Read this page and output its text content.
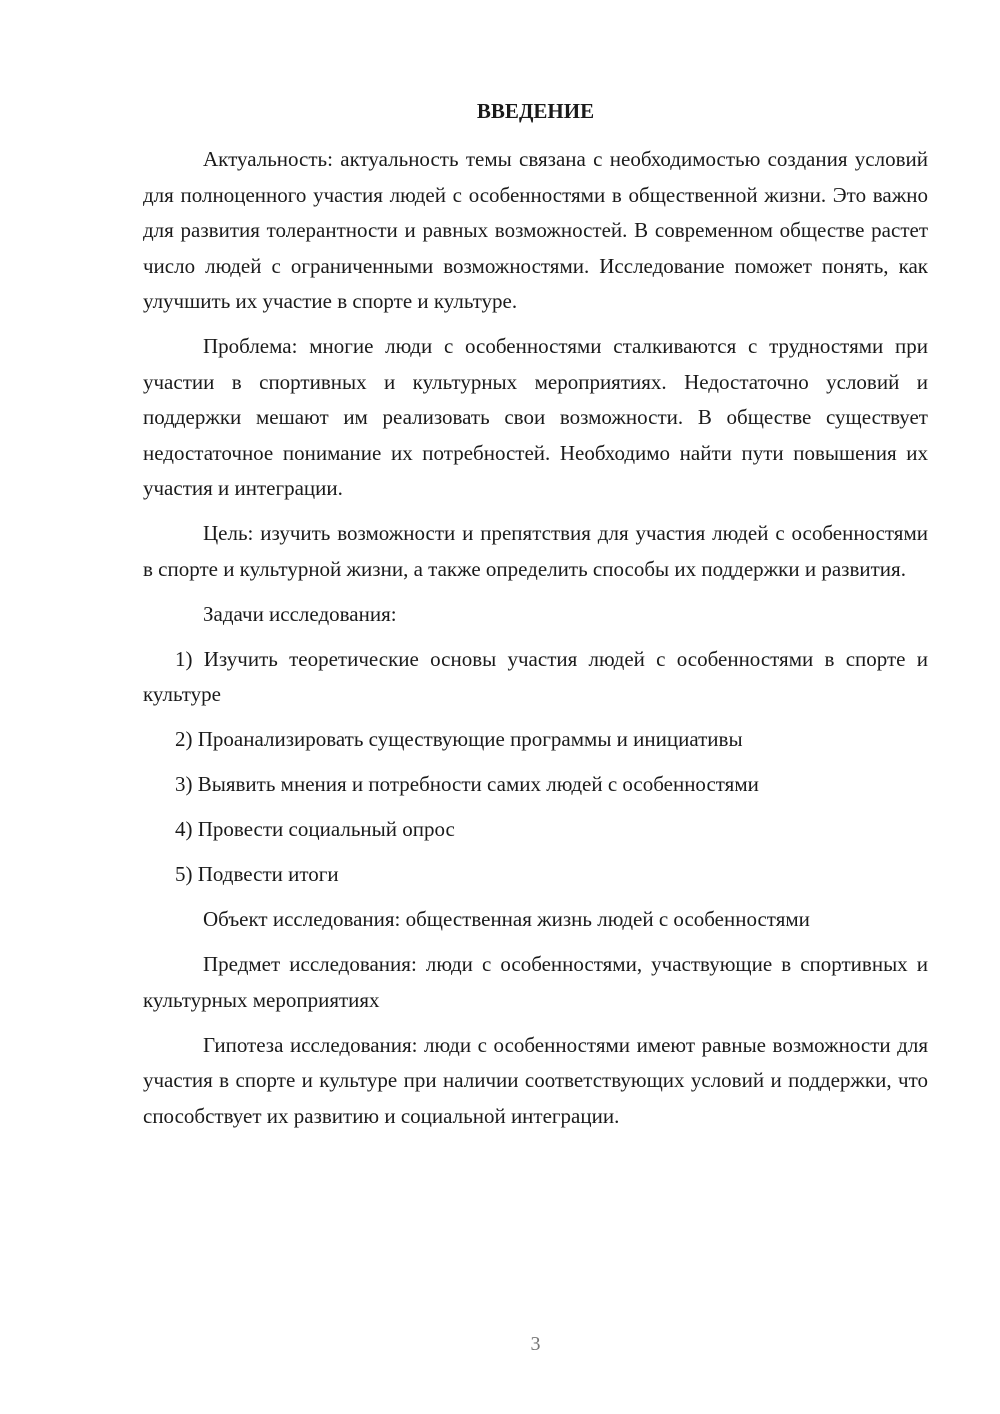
ВВЕДЕНИЕ

Актуальность: актуальность темы связана с необходимостью создания условий для полноценного участия людей с особенностями в общественной жизни. Это важно для развития толерантности и равных возможностей. В современном обществе растет число людей с ограниченными возможностями. Исследование поможет понять, как улучшить их участие в спорте и культуре.

Проблема: многие люди с особенностями сталкиваются с трудностями при участии в спортивных и культурных мероприятиях. Недостаточно условий и поддержки мешают им реализовать свои возможности. В обществе существует недостаточное понимание их потребностей. Необходимо найти пути повышения их участия и интеграции.

Цель: изучить возможности и препятствия для участия людей с особенностями в спорте и культурной жизни, а также определить способы их поддержки и развития.

Задачи исследования:

1) Изучить теоретические основы участия людей с особенностями в спорте и культуре

2) Проанализировать существующие программы и инициативы

3) Выявить мнения и потребности самих людей с особенностями

4) Провести социальный опрос

5) Подвести итоги

Объект исследования: общественная жизнь людей с особенностями

Предмет исследования: люди с особенностями, участвующие в спортивных и культурных мероприятиях

Гипотеза исследования: люди с особенностями имеют равные возможности для участия в спорте и культуре при наличии соответствующих условий и поддержки, что способствует их развитию и социальной интеграции.

3
